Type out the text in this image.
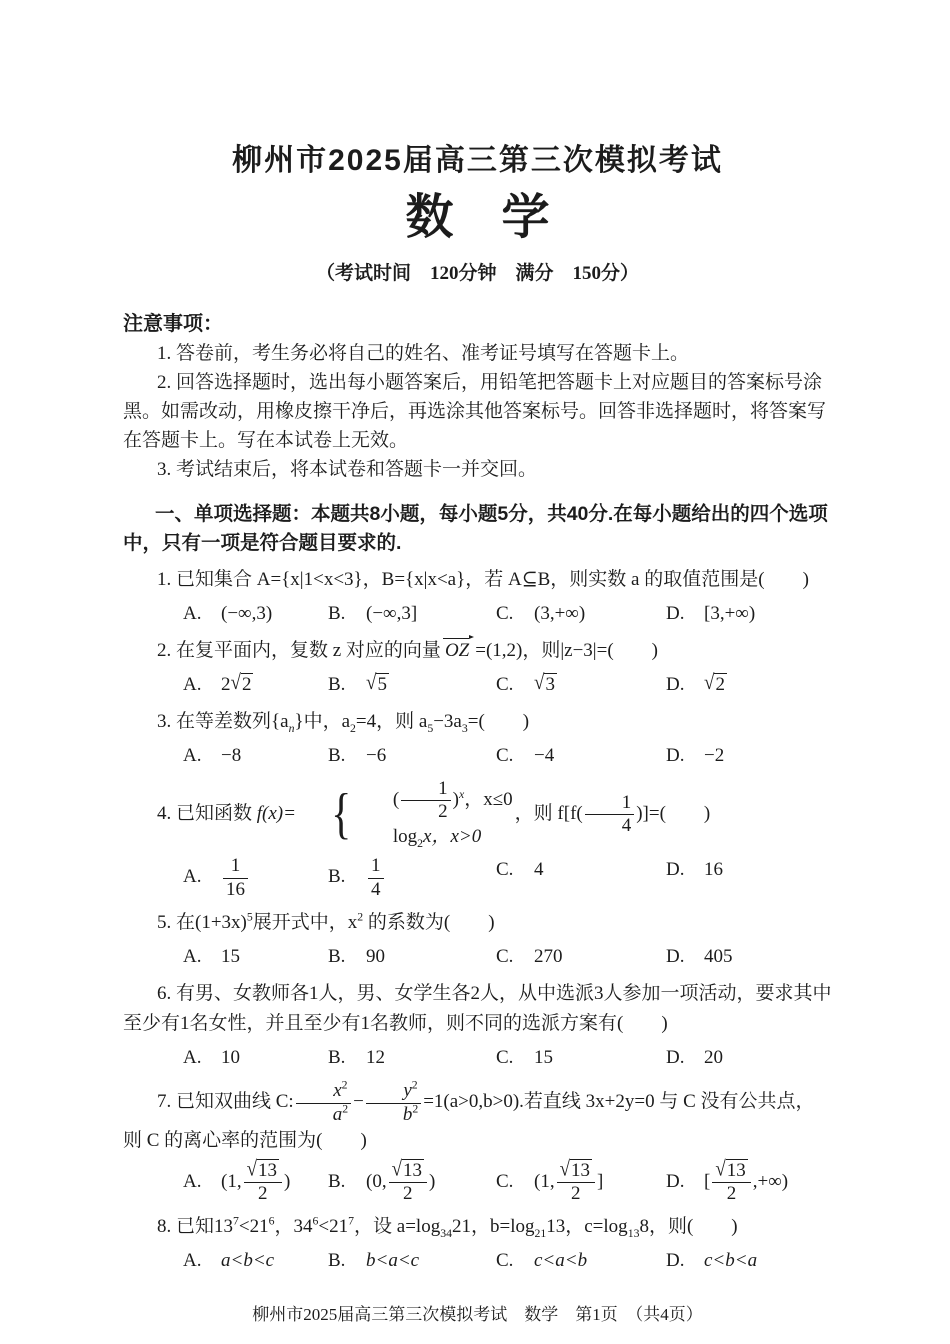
柳州市2025届高三第三次模拟考试
数　学
（考试时间　120分钟　满分　150分）
注意事项：

1. 答卷前，考生务必将自己的姓名、准考证号填写在答题卡上。

2. 回答选择题时，选出每小题答案后，用铅笔把答题卡上对应题目的答案标号涂黑。如需改动，用橡皮擦干净后，再选涂其他答案标号。回答非选择题时，将答案写在答题卡上。写在本试卷上无效。

3. 考试结束后，将本试卷和答题卡一并交回。

一、单项选择题：本题共8小题，每小题5分，共40分.在每小题给出的四个选项中，只有一项是符合题目要求的.
1. 已知集合 A={x|1<x<3}，B={x|x<a}，若 A⊆B，则实数 a 的取值范围是(　　)
A. (−∞,3)	B. (−∞,3]	C. (3,+∞)	D. [3,+∞)
2. 在复平面内，复数 z 对应的向量 OZ =(1,2)，则|z−3|=(　　)
A. 2√2	B. √5	C. √3	D. √2
3. 在等差数列$\{a_n\}$中，$a_2=4$，则 $a_5-3a_3=$(　　)
A. −8	B. −6	C. −4	D. −2
4. 已知函数 f(x)= {	( $\frac{1}{2} )^x$，x≤0
$\log_2x$，x>0
，则 $f[f( \frac{1}{4}$ )]=(　　)
A. $\frac{1}{16}$	B. $\frac{1}{4}$	C. 4	D. 16
5. 在$(1+3x)^5$展开式中，$x^2$ 的系数为(　　)
A. 15	B. 90	C. 270	D. 405
6. 有男、女教师各1人，男、女学生各2人，从中选派3人参加一项活动，要求其中至少有1名女性，并且至少有1名教师，则不同的选派方案有(　　)
A. 10	B. 12	C. 15	D. 20
7. 已知双曲线 C: $\frac{x^2}{a^2} - \frac{y^2}{b^2} =1(a>0,b>0)$.若直线 3x+2y=0 与 C 没有公共点，则 C 的离心率的范围为(　　)
A. (1, $\frac{√13}{2}$ )	B. (0, $\frac{√13}{2}$ )	C. (1, $\frac{√13}{2}$ ]	D. [ $\frac{√13}{2}$ ,+∞)
8. 已知$13^7<21^6$，$34^6<21^7$，设 $a=\log_{34}21$，$b=\log_{21}13$，$c=\log_{13}8$，则(　　)
A. a<b<c	B. b<a<c	C. c<a<b	D. c<b<a
柳州市2025届高三第三次模拟考试　数学　第1页　（共4页）
